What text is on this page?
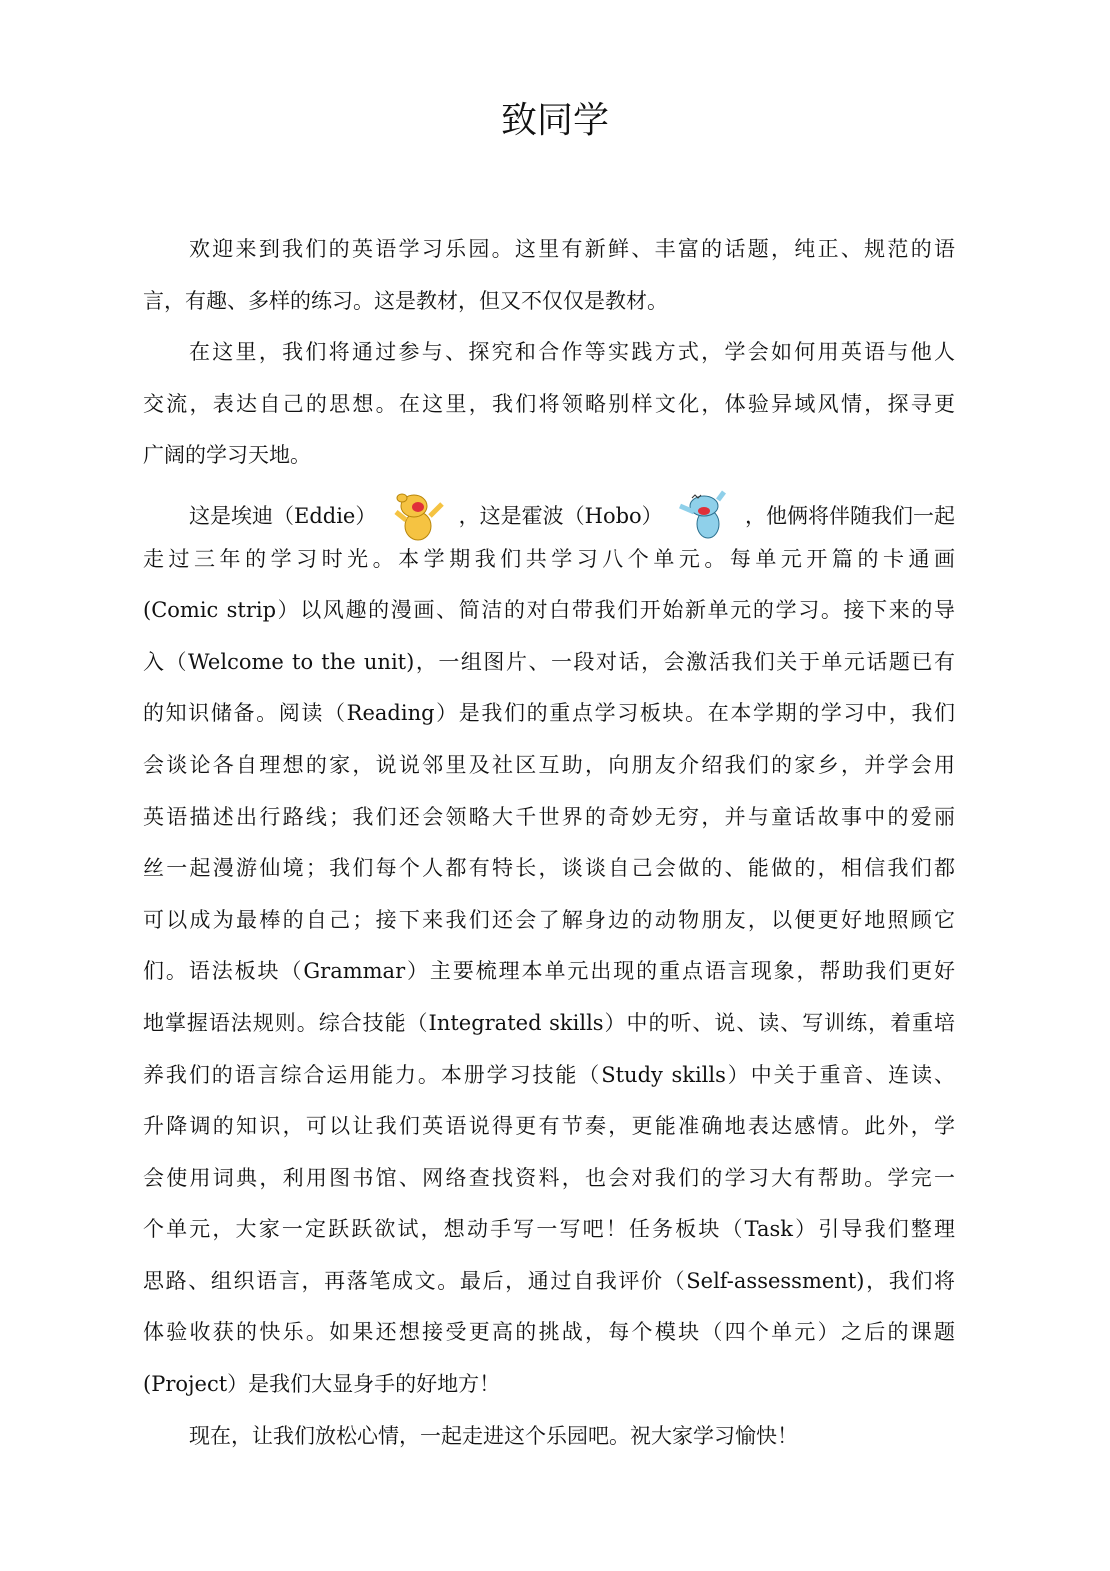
致同学
欢迎来到我们的英语学习乐园。这里有新鲜、丰富的话题，纯正、规范的语
言，有趣、多样的练习。这是教材，但又不仅仅是教材。
在这里，我们将通过参与、探究和合作等实践方式，学会如何用英语与他人
交流，表达自己的思想。在这里，我们将领略别样文化，体验异域风情，探寻更
广阔的学习天地。
这是埃迪（Eddie）	，这是霍波（Hobo）	，他俩将伴随我们一起
走过三年的学习时光。本学期我们共学习八个单元。每单元开篇的卡通画
(Comic strip）以风趣的漫画、简洁的对白带我们开始新单元的学习。接下来的导
入（Welcome to the unit)，一组图片、一段对话，会激活我们关于单元话题已有
的知识储备。阅读（Reading）是我们的重点学习板块。在本学期的学习中，我们
会谈论各自理想的家，说说邻里及社区互助，向朋友介绍我们的家乡，并学会用
英语描述出行路线；我们还会领略大千世界的奇妙无穷，并与童话故事中的爱丽
丝一起漫游仙境；我们每个人都有特长，谈谈自己会做的、能做的，相信我们都
可以成为最棒的自己；接下来我们还会了解身边的动物朋友，以便更好地照顾它
们。语法板块（Grammar）主要梳理本单元出现的重点语言现象，帮助我们更好
地掌握语法规则。综合技能（Integrated skills）中的听、说、读、写训练，着重培
养我们的语言综合运用能力。本册学习技能（Study skills）中关于重音、连读、
升降调的知识，可以让我们英语说得更有节奏，更能准确地表达感情。此外，学
会使用词典，利用图书馆、网络查找资料，也会对我们的学习大有帮助。学完一
个单元，大家一定跃跃欲试，想动手写一写吧！任务板块（Task）引导我们整理
思路、组织语言，再落笔成文。最后，通过自我评价（Self-assessment)，我们将
体验收获的快乐。如果还想接受更高的挑战，每个模块（四个单元）之后的课题
(Project）是我们大显身手的好地方！
现在，让我们放松心情，一起走进这个乐园吧。祝大家学习愉快！
